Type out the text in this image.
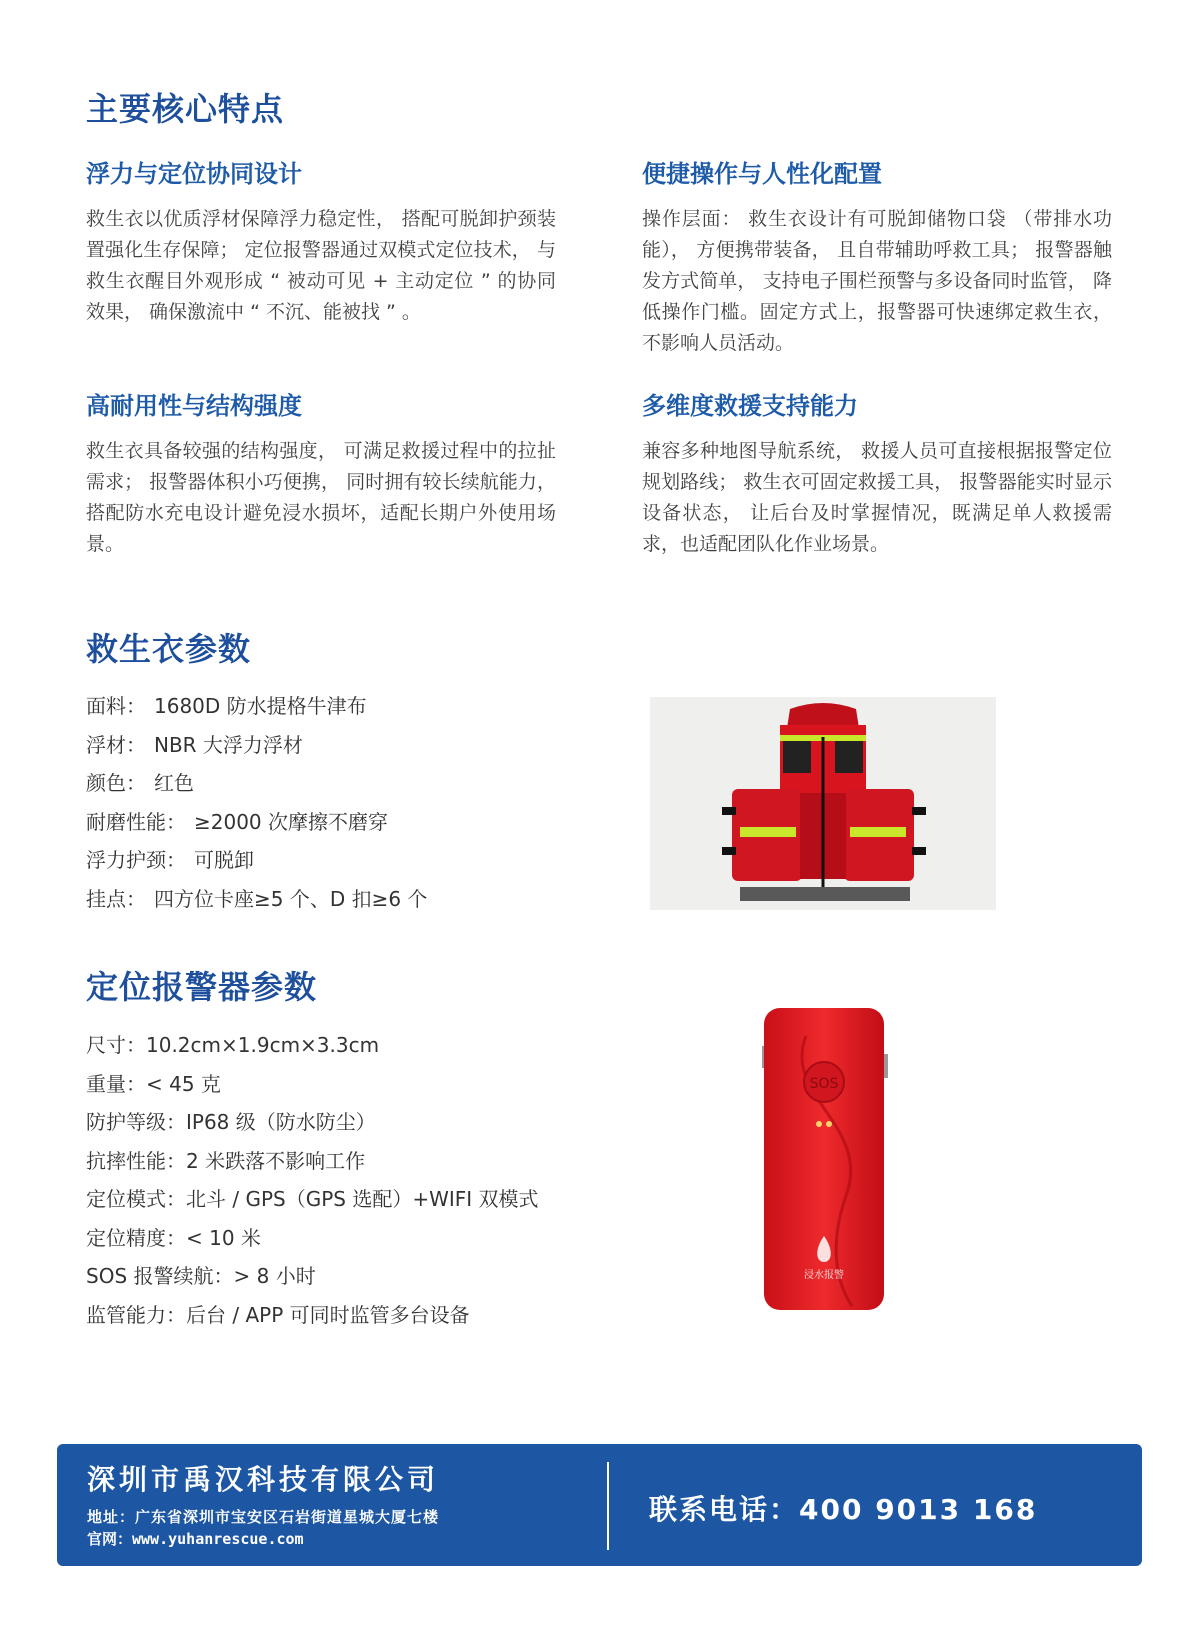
主要核心特点
浮力与定位协同设计

救生衣以优质浮材保障浮力稳定性， 搭配可脱卸护颈装置强化生存保障； 定位报警器通过双模式定位技术， 与救生衣醒目外观形成 “ 被动可见 + 主动定位 ” 的协同效果， 确保激流中 “ 不沉、能被找 ” 。

便捷操作与人性化配置

操作层面： 救生衣设计有可脱卸储物口袋 （带排水功能）， 方便携带装备， 且自带辅助呼救工具； 报警器触发方式简单， 支持电子围栏预警与多设备同时监管， 降低操作门槛。固定方式上，报警器可快速绑定救生衣，不影响人员活动。

高耐用性与结构强度

救生衣具备较强的结构强度， 可满足救援过程中的拉扯需求； 报警器体积小巧便携， 同时拥有较长续航能力， 搭配防水充电设计避免浸水损坏，适配长期户外使用场景。

多维度救援支持能力

兼容多种地图导航系统， 救援人员可直接根据报警定位规划路线； 救生衣可固定救援工具， 报警器能实时显示设备状态， 让后台及时掌握情况，既满足单人救援需求，也适配团队化作业场景。

救生衣参数
面料： 1680D 防水提格牛津布
浮材： NBR 大浮力浮材
颜色： 红色
耐磨性能： ≥2000 次摩擦不磨穿
浮力护颈： 可脱卸
挂点： 四方位卡座≥5 个、D 扣≥6 个
定位报警器参数
尺寸：10.2cm×1.9cm×3.3cm
重量：< 45 克
防护等级：IP68 级（防水防尘）
抗摔性能：2 米跌落不影响工作
定位模式：北斗 / GPS（GPS 选配）+WIFI 双模式
定位精度：< 10 米
SOS 报警续航：> 8 小时
监管能力：后台 / APP 可同时监管多台设备
SOS
浸水报警
深圳市禹汉科技有限公司
地址：广东省深圳市宝安区石岩街道星城大厦七楼
官网：www.yuhanrescue.com
联系电话：400 9013 168
